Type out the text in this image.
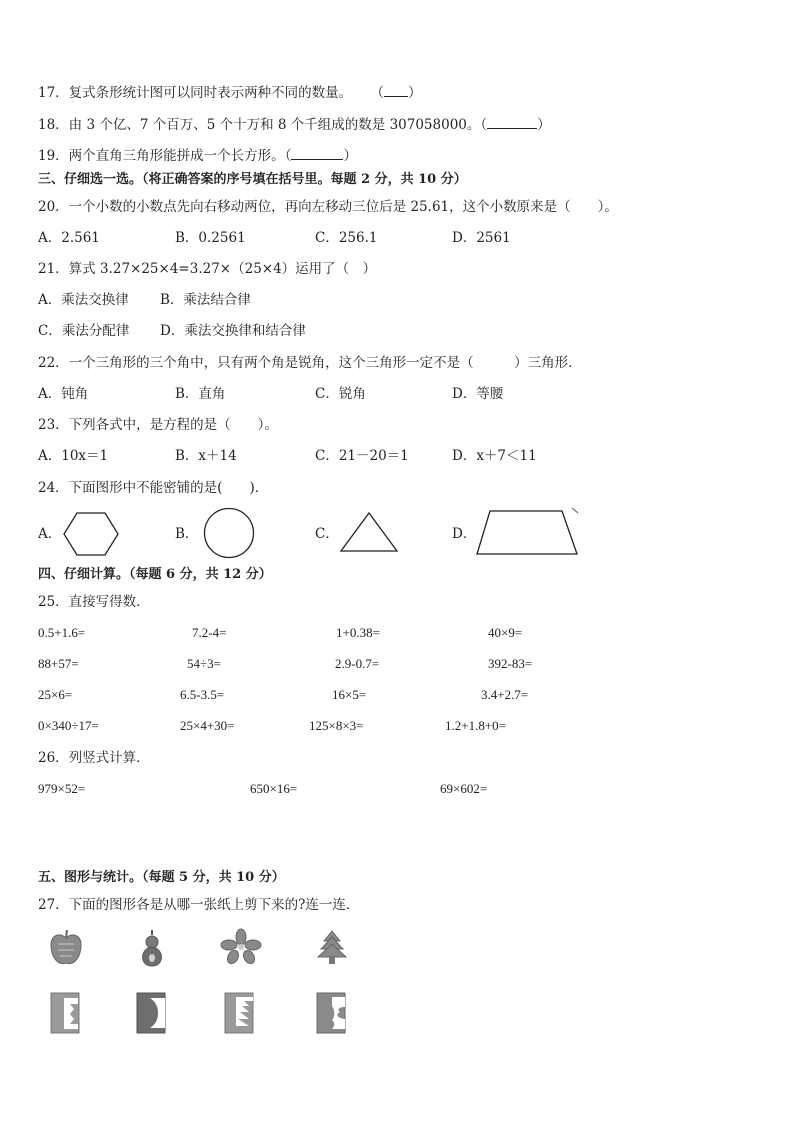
17．复式条形统计图可以同时表示两种不同的数量。 （ ）
18．由 3 个亿、7 个百万、5 个十万和 8 个千组成的数是 307058000。（	）
19．两个直角三角形能拼成一个长方形。（	）
三、仔细选一选。（将正确答案的序号填在括号里。每题 2 分，共 10 分）
20．一个小数的小数点先向右移动两位，再向左移动三位后是 25.61，这个小数原来是（　　）。
A．2.561	B．0.2561	C．256.1	D．2561
21．算式 3.27×25×4=3.27×（25×4）运用了（　）
A．乘法交换律 B．乘法结合律
C．乘法分配律 D．乘法交换律和结合律
22．一个三角形的三个角中，只有两个角是锐角，这个三角形一定不是（　　　）三角形．
A．钝角	B．直角	C．锐角	D．等腰
23．下列各式中，是方程的是（　　）。
A．10x＝1	B．x＋14	C．21－20＝1	D．x＋7＜11
24．下面图形中不能密铺的是(　　)．
A．	B．	C．	D．
四、仔细计算。（每题 6 分，共 12 分）
25．直接写得数．
0.5+1.6=	7.2-4=	1+0.38=	40×9=
88+57=	54÷3=	2.9-0.7=	392-83=
25×6=	6.5-3.5=	16×5=	3.4+2.7=
0×340÷17=	25×4+30=	125×8×3=	1.2+1.8+0=
26．列竖式计算．
979×52=	650×16=	69×602=
五、图形与统计。（每题 5 分，共 10 分）
27．下面的图形各是从哪一张纸上剪下来的?连一连．
